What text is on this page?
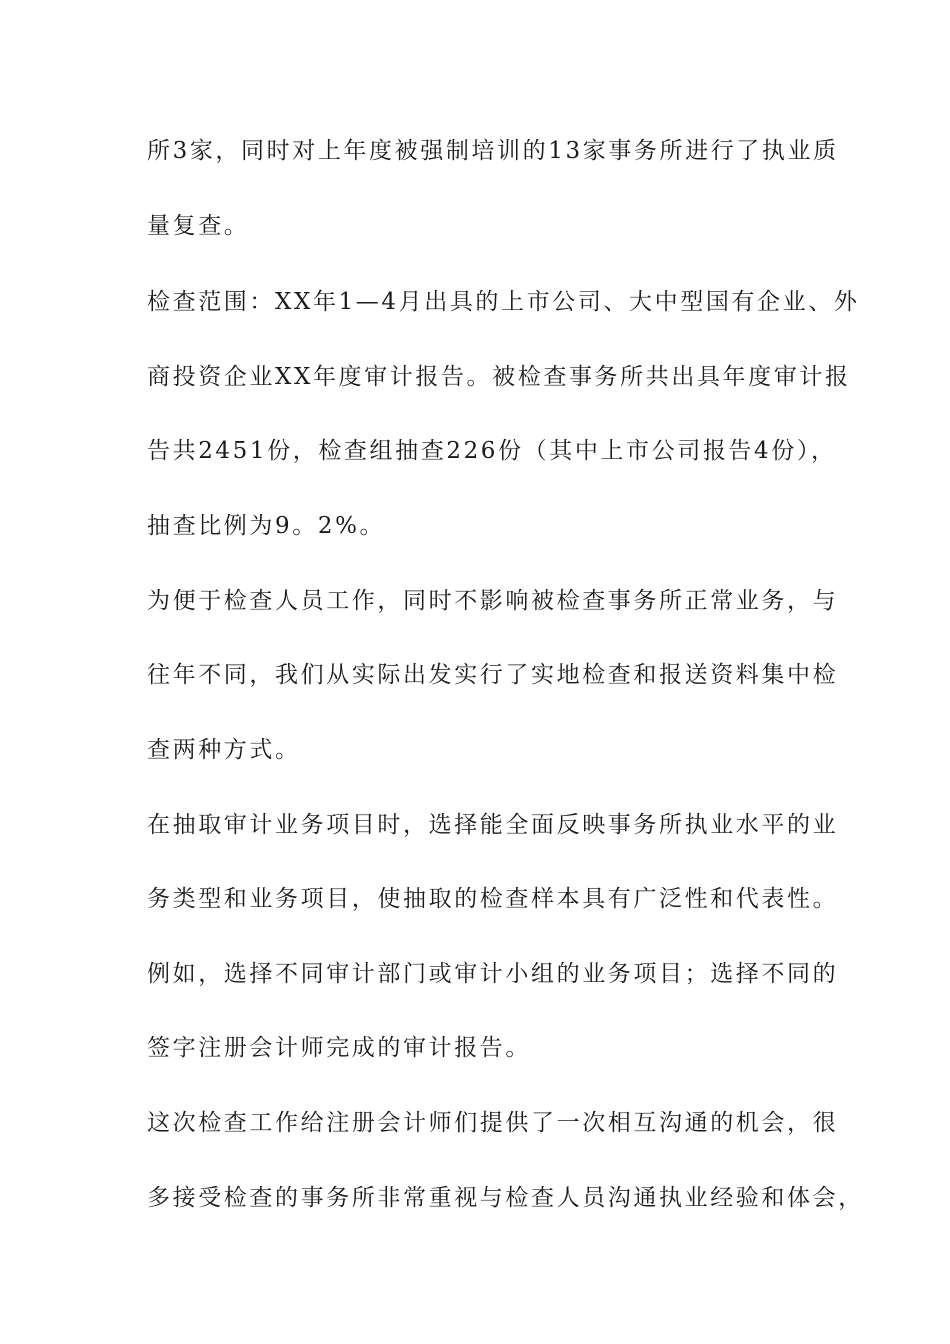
所3家，同时对上年度被强制培训的13家事务所进行了执业质
量复查。
检查范围：XX年1—4月出具的上市公司、大中型国有企业、外
商投资企业XX年度审计报告。被检查事务所共出具年度审计报
告共2451份，检查组抽查226份（其中上市公司报告4份），
抽查比例为9。2%。
为便于检查人员工作，同时不影响被检查事务所正常业务，与
往年不同，我们从实际出发实行了实地检查和报送资料集中检
查两种方式。
在抽取审计业务项目时，选择能全面反映事务所执业水平的业
务类型和业务项目，使抽取的检查样本具有广泛性和代表性。
例如，选择不同审计部门或审计小组的业务项目；选择不同的
签字注册会计师完成的审计报告。
这次检查工作给注册会计师们提供了一次相互沟通的机会，很
多接受检查的事务所非常重视与检查人员沟通执业经验和体会，
